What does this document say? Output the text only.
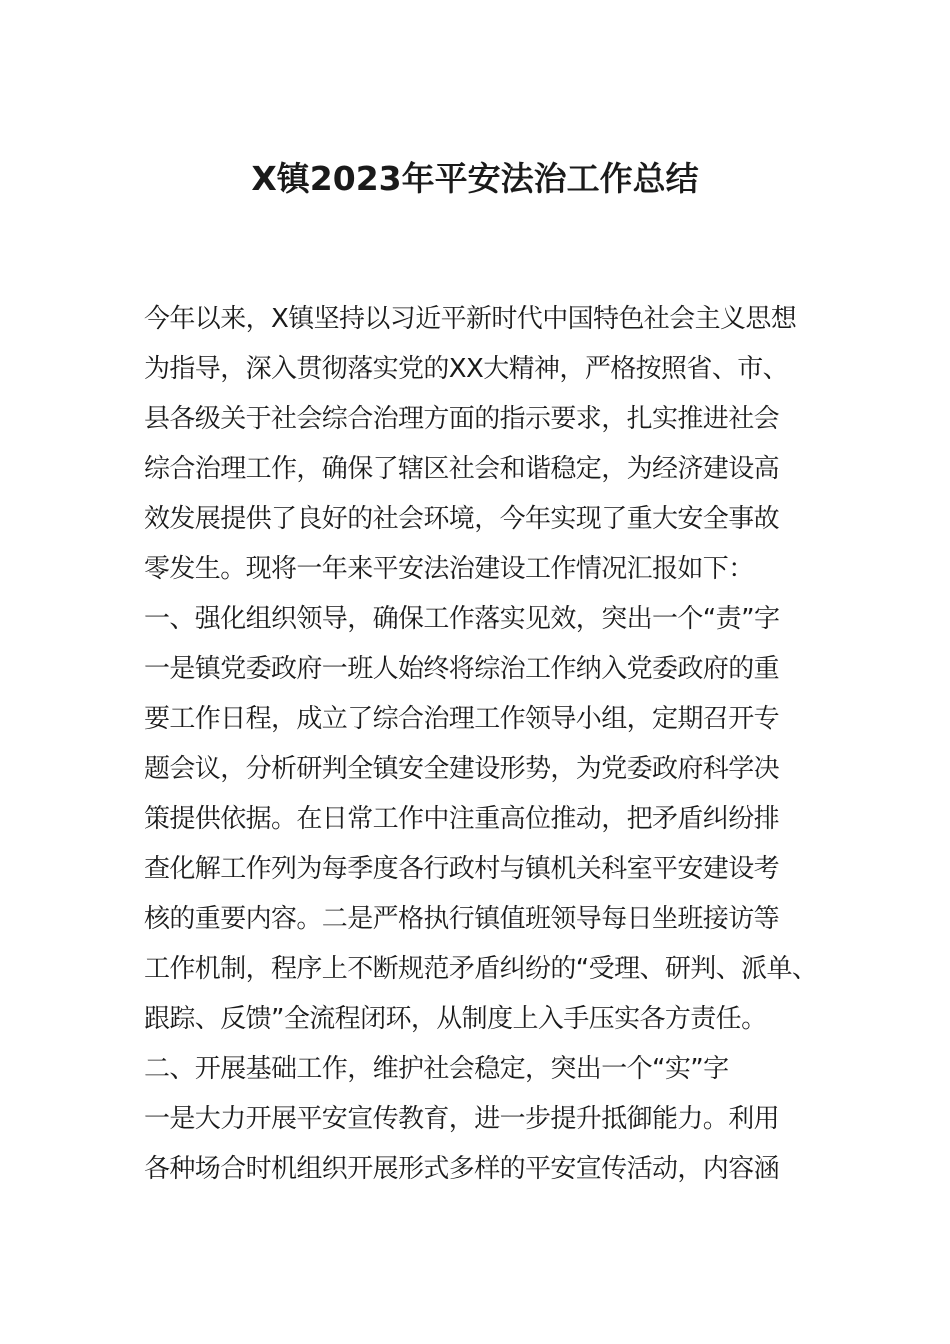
X镇2023年平安法治工作总结
今年以来，X镇坚持以习近平新时代中国特色社会主义思想
为指导，深入贯彻落实党的XX大精神，严格按照省、市、
县各级关于社会综合治理方面的指示要求，扎实推进社会
综合治理工作，确保了辖区社会和谐稳定，为经济建设高
效发展提供了良好的社会环境，今年实现了重大安全事故
零发生。现将一年来平安法治建设工作情况汇报如下：
一、强化组织领导，确保工作落实见效，突出一个“责”字
一是镇党委政府一班人始终将综治工作纳入党委政府的重
要工作日程，成立了综合治理工作领导小组，定期召开专
题会议，分析研判全镇安全建设形势，为党委政府科学决
策提供依据。在日常工作中注重高位推动，把矛盾纠纷排
查化解工作列为每季度各行政村与镇机关科室平安建设考
核的重要内容。二是严格执行镇值班领导每日坐班接访等
工作机制，程序上不断规范矛盾纠纷的“受理、研判、派单、
跟踪、反馈”全流程闭环，从制度上入手压实各方责任。
二、开展基础工作，维护社会稳定，突出一个“实”字
一是大力开展平安宣传教育，进一步提升抵御能力。利用
各种场合时机组织开展形式多样的平安宣传活动，内容涵
